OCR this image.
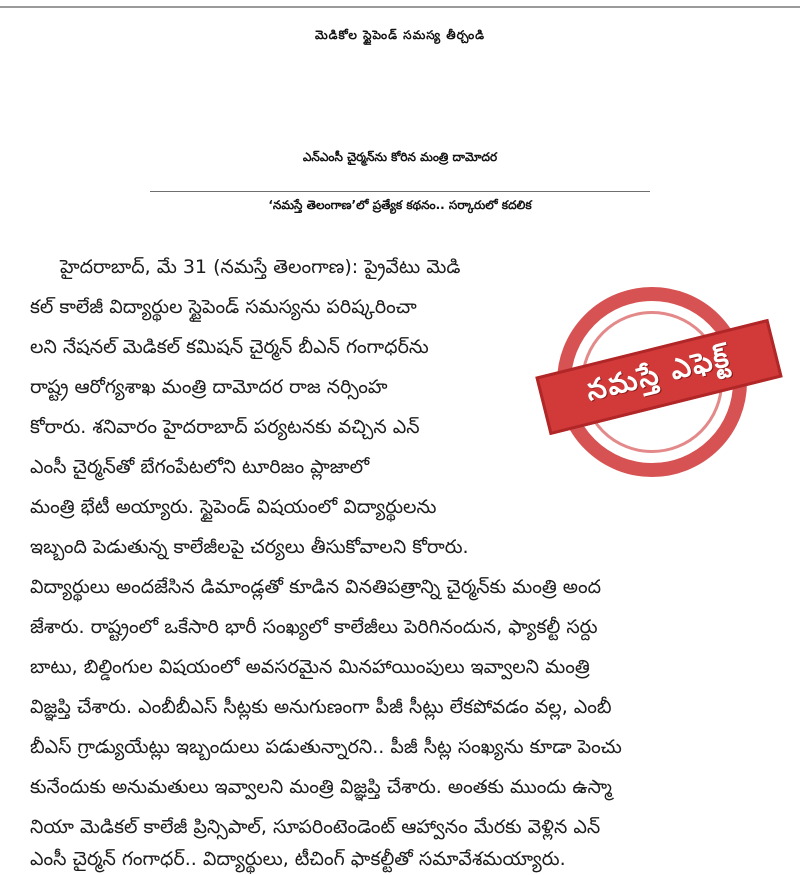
మెడికోల స్టైపెండ్ సమస్య తీర్చండి
ఎన్‌ఎంసీ చైర్మన్‌ను కోరిన మంత్రి దామోదర
‘నమస్తే తెలంగాణ’లో ప్రత్యేక కథనం.. సర్కారులో కదలిక
నమస్తే ఎఫెక్ట్
హైదరాబాద్, మే 31 (నమస్తే తెలంగాణ): ప్రైవేటు మెడి
కల్ కాలేజీ విద్యార్థుల స్టైపెండ్ సమస్యను పరిష్కరించా
లని నేషనల్ మెడికల్ కమిషన్ చైర్మన్ బీఎన్ గంగాధర్‌ను
రాష్ట్ర ఆరోగ్యశాఖ మంత్రి దామోదర రాజ నర్సింహ
కోరారు. శనివారం హైదరాబాద్ పర్యటనకు వచ్చిన ఎన్
ఎంసీ చైర్మన్‌తో బేగంపేటలోని టూరిజం ప్లాజాలో
మంత్రి భేటీ అయ్యారు. స్టైపెండ్ విషయంలో విద్యార్థులను
ఇబ్బంది పెడుతున్న కాలేజీలపై చర్యలు తీసుకోవాలని కోరారు.
విద్యార్థులు అందజేసిన డిమాండ్లతో కూడిన వినతిపత్రాన్ని చైర్మన్‌కు మంత్రి అంద
జేశారు. రాష్ట్రంలో ఒకేసారి భారీ సంఖ్యలో కాలేజీలు పెరిగినందున, ఫ్యాకల్టీ సర్దు
బాటు, బిల్డింగుల విషయంలో అవసరమైన మినహాయింపులు ఇవ్వాలని మంత్రి
విజ్ఞప్తి చేశారు. ఎంబీబీఎస్ సీట్లకు అనుగుణంగా పీజీ సీట్లు లేకపోవడం వల్ల, ఎంబీ
బీఎస్ గ్రాడ్యుయేట్లు ఇబ్బందులు పడుతున్నారని.. పీజీ సీట్ల సంఖ్యను కూడా పెంచు
కునేందుకు అనుమతులు ఇవ్వాలని మంత్రి విజ్ఞప్తి చేశారు. అంతకు ముందు ఉస్మా
నియా మెడికల్ కాలేజీ ప్రిన్సిపాల్, సూపరింటెండెంట్ ఆహ్వానం మేరకు వెళ్లిన ఎన్
ఎంసీ చైర్మన్ గంగాధర్.. విద్యార్థులు, టీచింగ్ ఫాకల్టీతో సమావేశమయ్యారు.
